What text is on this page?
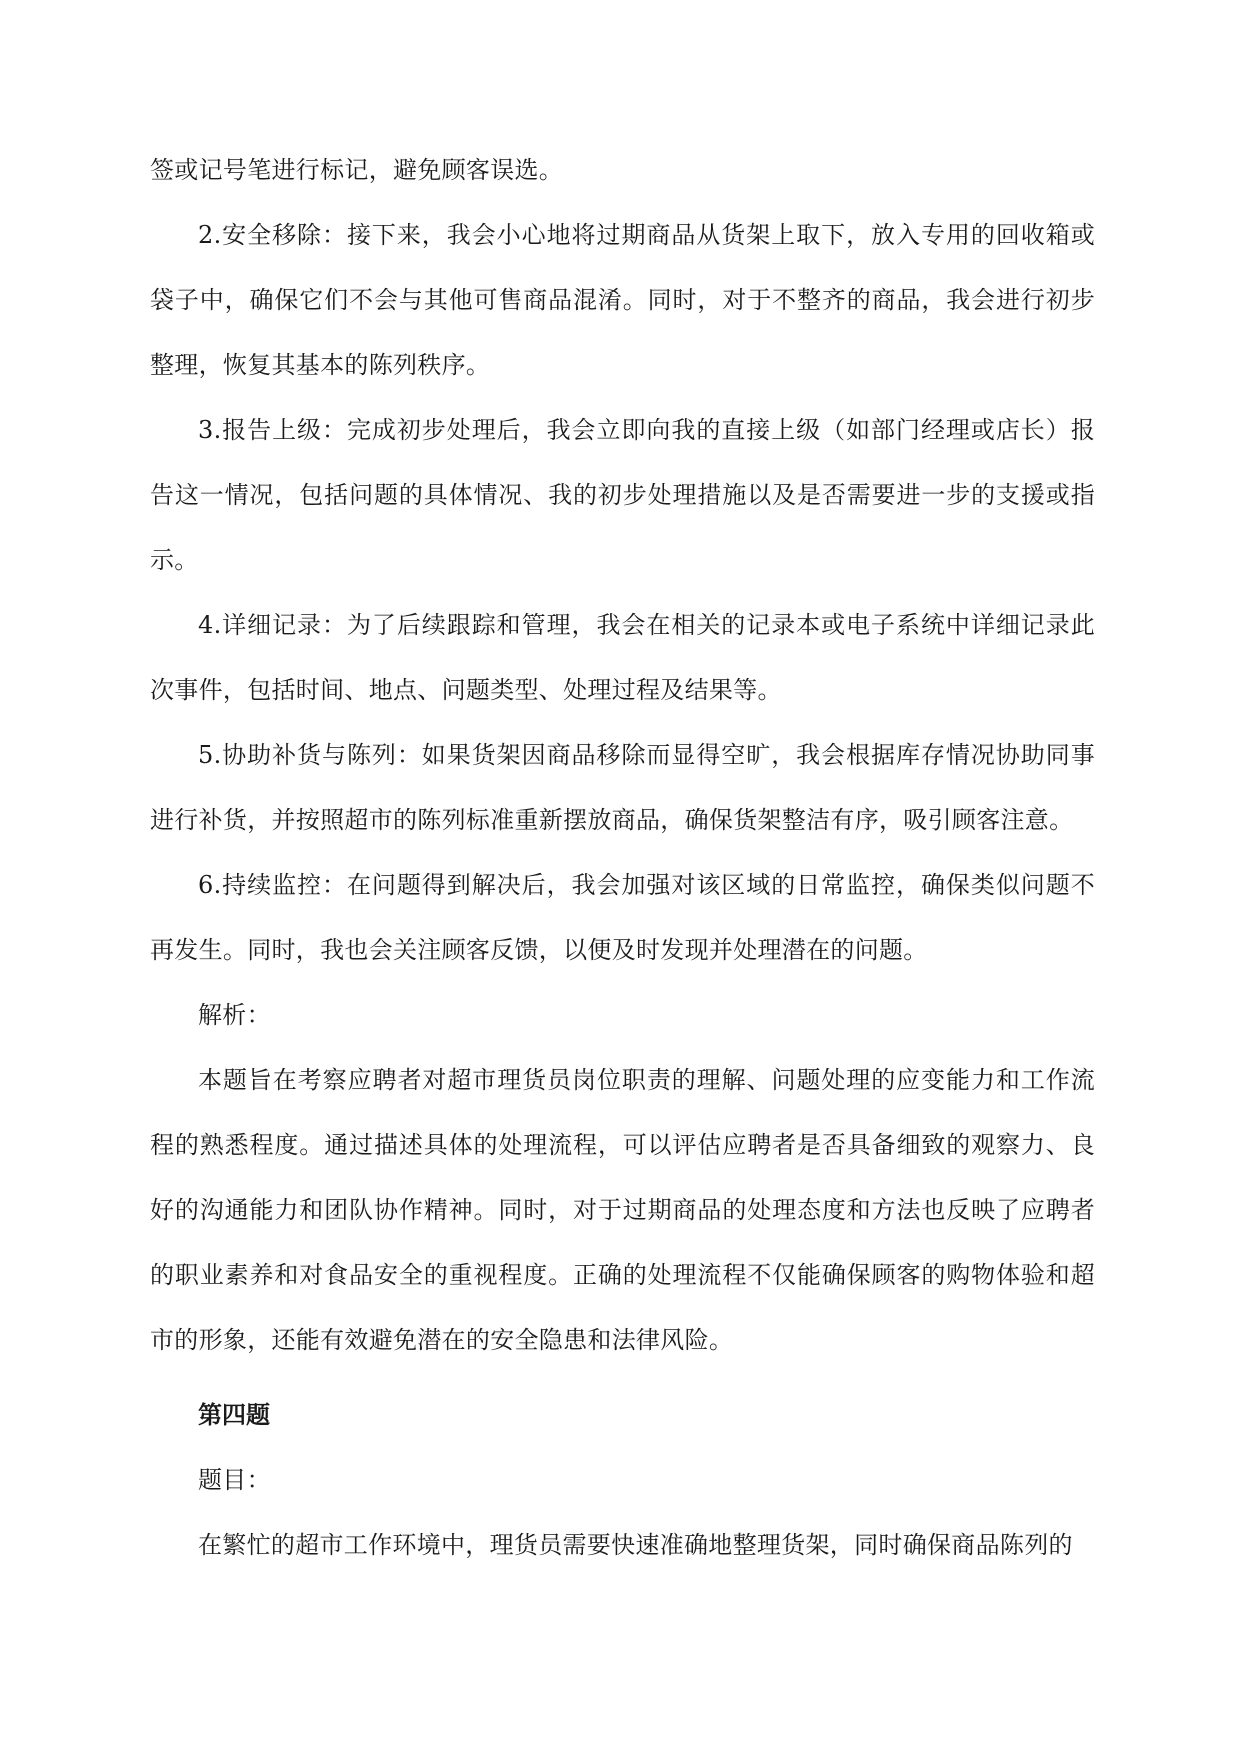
签或记号笔进行标记，避免顾客误选。

2.安全移除：接下来，我会小心地将过期商品从货架上取下，放入专用的回收箱或袋子中，确保它们不会与其他可售商品混淆。同时，对于不整齐的商品，我会进行初步整理，恢复其基本的陈列秩序。

3.报告上级：完成初步处理后，我会立即向我的直接上级（如部门经理或店长）报告这一情况，包括问题的具体情况、我的初步处理措施以及是否需要进一步的支援或指示。

4.详细记录：为了后续跟踪和管理，我会在相关的记录本或电子系统中详细记录此次事件，包括时间、地点、问题类型、处理过程及结果等。

5.协助补货与陈列：如果货架因商品移除而显得空旷，我会根据库存情况协助同事进行补货，并按照超市的陈列标准重新摆放商品，确保货架整洁有序，吸引顾客注意。

6.持续监控：在问题得到解决后，我会加强对该区域的日常监控，确保类似问题不再发生。同时，我也会关注顾客反馈，以便及时发现并处理潜在的问题。

解析：

本题旨在考察应聘者对超市理货员岗位职责的理解、问题处理的应变能力和工作流程的熟悉程度。通过描述具体的处理流程，可以评估应聘者是否具备细致的观察力、良好的沟通能力和团队协作精神。同时，对于过期商品的处理态度和方法也反映了应聘者的职业素养和对食品安全的重视程度。正确的处理流程不仅能确保顾客的购物体验和超市的形象，还能有效避免潜在的安全隐患和法律风险。

第四题

题目：

在繁忙的超市工作环境中，理货员需要快速准确地整理货架，同时确保商品陈列的
